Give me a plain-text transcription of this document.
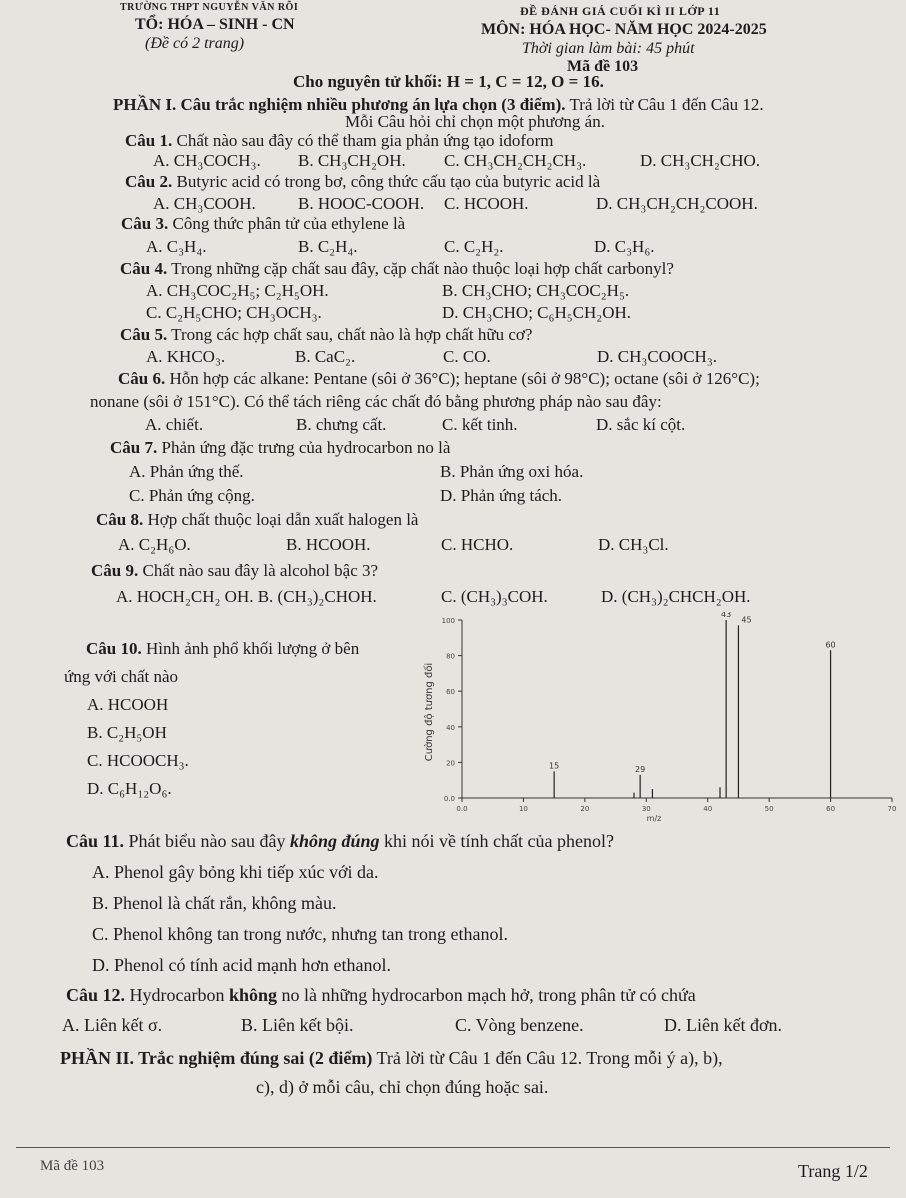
TRƯỜNG THPT NGUYỄN VĂN RÕI
TỔ: HÓA – SINH - CN
(Đề có 2 trang)
ĐỀ ĐÁNH GIÁ CUỐI KÌ II LỚP 11
MÔN: HÓA HỌC- NĂM HỌC 2024-2025
Thời gian làm bài: 45 phút
Mã đề 103
Cho nguyên tử khối: H = 1, C = 12, O = 16.
PHẦN I. Câu trắc nghiệm nhiều phương án lựa chọn (3 điểm). Trả lời từ Câu 1 đến Câu 12.
Mỗi Câu hỏi chỉ chọn một phương án.
Câu 1. Chất nào sau đây có thể tham gia phản ứng tạo idoform
A. CH₃COCH₃. B. CH₃CH₂OH. C. CH₃CH₂CH₂CH₃.	D. CH₃CH₂CHO.
Câu 2. Butyric acid có trong bơ, công thức cấu tạo của butyric acid là
A. CH₃COOH. B. HOOC-COOH. C. HCOOH.	D. CH₃CH₂CH₂COOH.
Câu 3. Công thức phân tử của ethylene là
A. C₃H₄.	B. C₂H₄.	C. C₂H₂.	D. C₃H₆.
Câu 4. Trong những cặp chất sau đây, cặp chất nào thuộc loại hợp chất carbonyl?
A. CH₃COC₂H₅; C₂H₅OH.	B. CH₃CHO; CH₃COC₂H₅.
C. C₂H₅CHO; CH₃OCH₃.	D. CH₃CHO; C₆H₅CH₂OH.
Câu 5. Trong các hợp chất sau, chất nào là hợp chất hữu cơ?
A. KHCO₃.	B. CaC₂.	C. CO.	D. CH₃COOCH₃.
Câu 6. Hỗn hợp các alkane: Pentane (sôi ở 36°C); heptane (sôi ở 98°C); octane (sôi ở 126°C);
nonane (sôi ở 151°C). Có thể tách riêng các chất đó bằng phương pháp nào sau đây:
A. chiết.	B. chưng cất.	C. kết tinh.	D. sắc kí cột.
Câu 7. Phản ứng đặc trưng của hydrocarbon no là
A. Phản ứng thế.	B. Phản ứng oxi hóa.
C. Phản ứng cộng.	D. Phản ứng tách.
Câu 8. Hợp chất thuộc loại dẫn xuất halogen là
A. C₂H₆O.	B. HCOOH.	C. HCHO.	D. CH₃Cl.
Câu 9. Chất nào sau đây là alcohol bậc 3?
A. HOCH₂CH₂ OH. B. (CH₃)₂CHOH.	C. (CH₃)₃COH.	D. (CH₃)₂CHCH₂OH.
Câu 10. Hình ảnh phổ khối lượng ở bên
ứng với chất nào
A. HCOOH
B. C₂H₅OH
C. HCOOCH₃.
D. C₆H₁₂O₆.
Cường độ tương đối
m/z
0.0
20
40
60
80
100
0.0	10	20	30	40	50	60	70
15	29
43
45
60
Câu 11. Phát biểu nào sau đây không đúng khi nói về tính chất của phenol?
A. Phenol gây bỏng khi tiếp xúc với da.
B. Phenol là chất rắn, không màu.
C. Phenol không tan trong nước, nhưng tan trong ethanol.
D. Phenol có tính acid mạnh hơn ethanol.
Câu 12. Hydrocarbon không no là những hydrocarbon mạch hở, trong phân tử có chứa
A. Liên kết σ.	B. Liên kết bội.	C. Vòng benzene.	D. Liên kết đơn.
PHẦN II. Trắc nghiệm đúng sai (2 điểm) Trả lời từ Câu 1 đến Câu 12. Trong mỗi ý a), b),
c), d) ở mỗi câu, chỉ chọn đúng hoặc sai.
Mã đề 103	Trang 1/2
